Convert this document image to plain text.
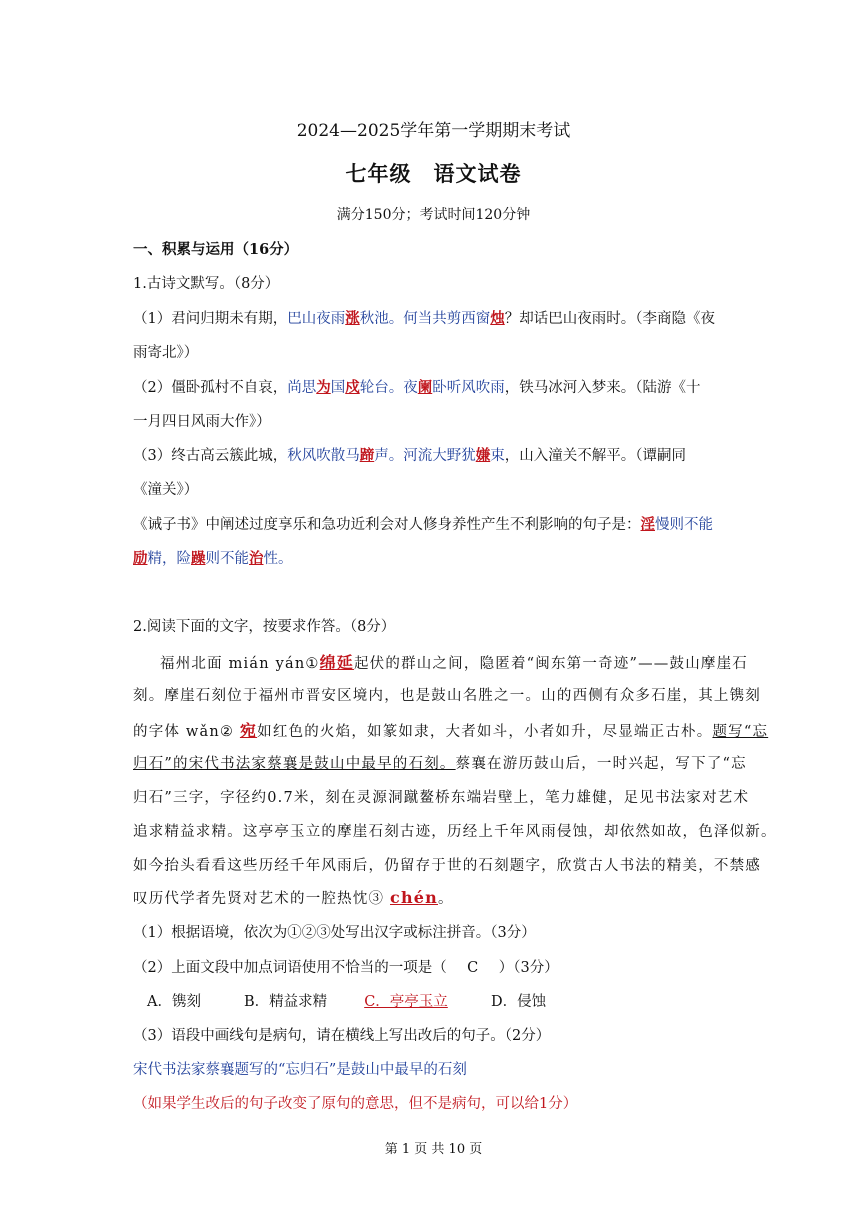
2024—2025学年第一学期期末考试
七年级　语文试卷
满分150分；考试时间120分钟
一、积累与运用（16分）
1.古诗文默写。（8分）
（1）君问归期未有期，巴山夜雨涨秋池。何当共剪西窗烛？却话巴山夜雨时。（李商隐《夜
雨寄北》）
（2）僵卧孤村不自哀，尚思为国戍轮台。夜阑卧听风吹雨，铁马冰河入梦来。（陆游《十
一月四日风雨大作》）
（3）终古高云簇此城，秋风吹散马蹄声。河流大野犹嫌束，山入潼关不解平。（谭嗣同
《潼关》）
《诫子书》中阐述过度享乐和急功近利会对人修身养性产生不利影响的句子是：淫慢则不能
励精，险躁则不能治性。
2.阅读下面的文字，按要求作答。（8分）
福州北面 mián yán①绵延起伏的群山之间，隐匿着“闽东第一奇迹”——鼓山摩崖石
刻。摩崖石刻位于福州市晋安区境内，也是鼓山名胜之一。山的西侧有众多石崖，其上镌刻
的字体 wǎn② 宛如红色的火焰，如篆如隶，大者如斗，小者如升，尽显端正古朴。题写“忘
归石”的宋代书法家蔡襄是鼓山中最早的石刻。蔡襄在游历鼓山后，一时兴起，写下了“忘
归石”三字，字径约0.7米，刻在灵源洞蹴鳌桥东端岩壁上，笔力雄健，足见书法家对艺术
追求精益求精。这亭亭玉立的摩崖石刻古迹，历经上千年风雨侵蚀，却依然如故，色泽似新。
如今抬头看看这些历经千年风雨后，仍留存于世的石刻题字，欣赏古人书法的精美，不禁感
叹历代学者先贤对艺术的一腔热忱③ chén。
（1）根据语境，依次为①②③处写出汉字或标注拼音。（3分）
（2）上面文段中加点词语使用不恰当的一项是（ C ）（3分）
A．镌刻	B．精益求精	C．亭亭玉立	D．侵蚀
（3）语段中画线句是病句，请在横线上写出改后的句子。（2分）
宋代书法家蔡襄题写的“忘归石”是鼓山中最早的石刻
（如果学生改后的句子改变了原句的意思，但不是病句，可以给1分）
第 1 页 共 10 页
